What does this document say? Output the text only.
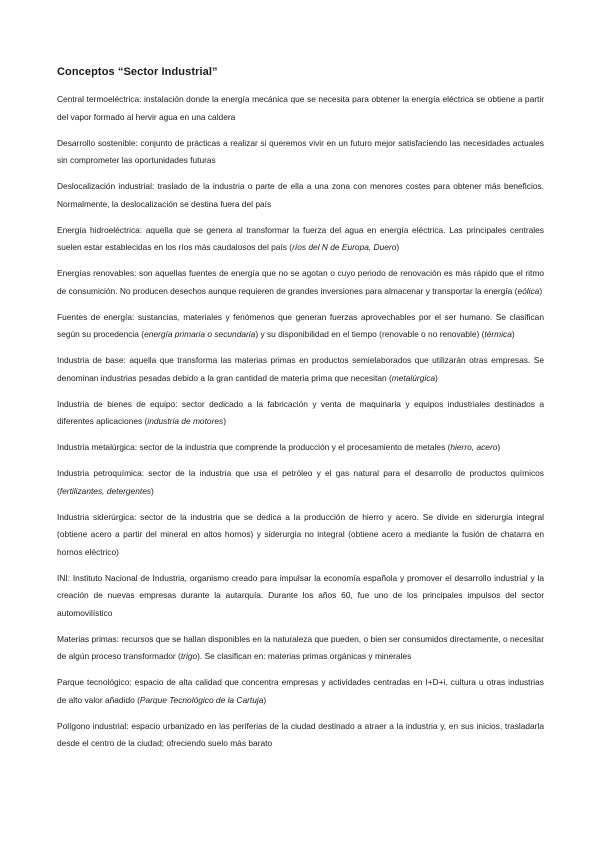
Conceptos “Sector Industrial”

Central termoeléctrica: instalación donde la energía mecánica que se necesita para obtener la energía eléctrica se obtiene a partir del vapor formado al hervir agua en una caldera

Desarrollo sostenible: conjunto de prácticas a realizar si queremos vivir en un futuro mejor satisfaciendo las necesidades actuales sin comprometer las oportunidades futuras

Deslocalización industrial: traslado de la industria o parte de ella a una zona con menores costes para obtener más beneficios. Normalmente, la deslocalización se destina fuera del país

Energía hidroeléctrica: aquella que se genera al transformar la fuerza del agua en energía eléctrica. Las principales centrales suelen estar establecidas en los ríos más caudalosos del país (ríos del N de Europa, Duero)

Energías renovables: son aquellas fuentes de energía que no se agotan o cuyo periodo de renovación es más rápido que el ritmo de consumición. No producen desechos aunque requieren de grandes inversiones para almacenar y transportar la energía (eólica)

Fuentes de energía: sustancias, materiales y fenómenos que generan fuerzas aprovechables por el ser humano. Se clasifican según su procedencia (energía primaria o secundaria) y su disponibilidad en el tiempo (renovable o no renovable) (térmica)

Industria de base: aquella que transforma las materias primas en productos semielaborados que utilizarán otras empresas. Se denominan industrias pesadas debido a la gran cantidad de materia prima que necesitan (metalúrgica)

Industria de bienes de equipo: sector dedicado a la fabricación y venta de maquinaria y equipos industriales destinados a diferentes aplicaciones (industria de motores)

Industria metalúrgica: sector de la industria que comprende la producción y el procesamiento de metales (hierro, acero)

Industria petroquímica: sector de la industria que usa el petróleo y el gas natural para el desarrollo de productos químicos (fertilizantes, detergentes)

Industria siderúrgica: sector de la industria que se dedica a la producción de hierro y acero. Se divide en siderurgia integral (obtiene acero a partir del mineral en altos hornos) y siderurgia no integral (obtiene acero a mediante la fusión de chatarra en hornos eléctrico)

INI: Instituto Nacional de Industria, organismo creado para impulsar la economía española y promover el desarrollo industrial y la creación de nuevas empresas durante la autarquía. Durante los años 60, fue uno de los principales impulsos del sector automovilístico

Materias primas: recursos que se hallan disponibles en la naturaleza que pueden, o bien ser consumidos directamente, o necesitar de algún proceso transformador (trigo). Se clasifican en: materias primas orgánicas y minerales

Parque tecnológico: espacio de alta calidad que concentra empresas y actividades centradas en I+D+i, cultura u otras industrias de alto valor añadido (Parque Tecnológico de la Cartuja)

Polígono industrial: espacio urbanizado en las periferias de la ciudad destinado a atraer a la industria y, en sus inicios, trasladarla desde el centro de la ciudad; ofreciendo suelo más barato
